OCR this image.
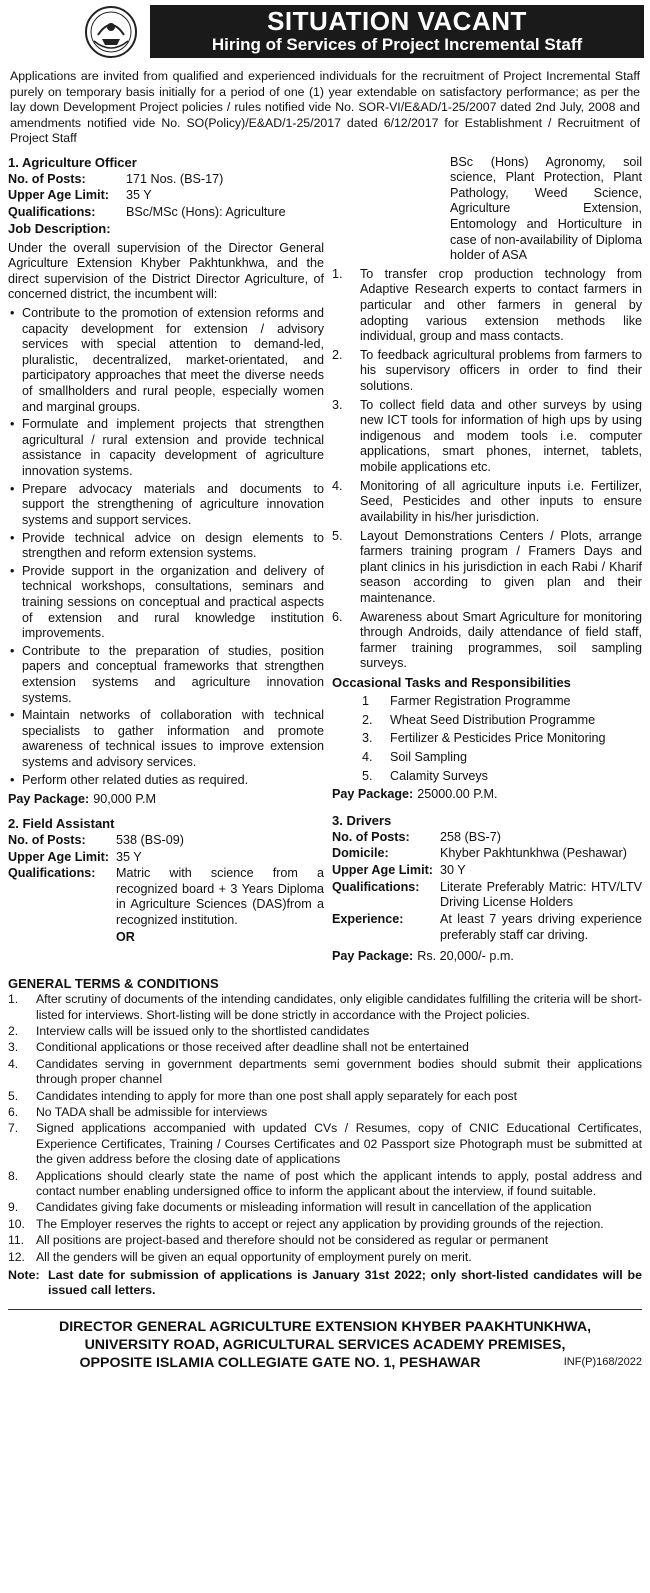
SITUATION VACANT
Hiring of Services of Project Incremental Staff
Applications are invited from qualified and experienced individuals for the recruitment of Project Incremental Staff purely on temporary basis initially for a period of one (1) year extendable on satisfactory performance; as per the lay down Development Project policies / rules notified vide No. SOR-VI/E&AD/1-25/2007 dated 2nd July, 2008 and amendments notified vide No. SO(Policy)/E&AD/1-25/2017 dated 6/12/2017 for Establishment / Recruitment of Project Staff
1. Agriculture Officer
No. of Posts:	171 Nos. (BS-17)
Upper Age Limit:	35 Y
Qualifications:	BSc/MSc (Hons): Agriculture
Job Description:
Under the overall supervision of the Director General Agriculture Extension Khyber Pakhtunkhwa, and the direct supervision of the District Director Agriculture, of concerned district, the incumbent will:
• Contribute to the promotion of extension reforms and capacity development for extension / advisory services with special attention to demand-led, pluralistic, decentralized, market-orientated, and participatory approaches that meet the diverse needs of smallholders and rural people, especially women and marginal groups.
• Formulate and implement projects that strengthen agricultural / rural extension and provide technical assistance in capacity development of agriculture innovation systems.
• Prepare advocacy materials and documents to support the strengthening of agriculture innovation systems and support services.
• Provide technical advice on design elements to strengthen and reform extension systems.
• Provide support in the organization and delivery of technical workshops, consultations, seminars and training sessions on conceptual and practical aspects of extension and rural knowledge institution improvements.
• Contribute to the preparation of studies, position papers and conceptual frameworks that strengthen extension systems and agriculture innovation systems.
• Maintain networks of collaboration with technical specialists to gather information and promote awareness of technical issues to improve extension systems and advisory services.
• Perform other related duties as required.
Pay Package: 90,000 P.M
2. Field Assistant
No. of Posts:	538 (BS-09)
Upper Age Limit: 35 Y
Qualifications:	Matric with science from a recognized board + 3 Years Diploma in Agriculture Sciences (DAS)from a recognized institution.
OR
BSc (Hons) Agronomy, soil science, Plant Protection, Plant Pathology, Weed Science, Agriculture Extension, Entomology and Horticulture in case of non-availability of Diploma holder of ASA
1.	To transfer crop production technology from Adaptive Research experts to contact farmers in particular and other farmers in general by adopting various extension methods like individual, group and mass contacts.
2.	To feedback agricultural problems from farmers to his supervisory officers in order to find their solutions.
3.	To collect field data and other surveys by using new ICT tools for information of high ups by using indigenous and modem tools i.e. computer applications, smart phones, internet, tablets, mobile applications etc.
4.	Monitoring of all agriculture inputs i.e. Fertilizer, Seed, Pesticides and other inputs to ensure availability in his/her jurisdiction.
5.	Layout Demonstrations Centers / Plots, arrange farmers training program / Framers Days and plant clinics in his jurisdiction in each Rabi / Kharif season according to given plan and their maintenance.
6.	Awareness about Smart Agriculture for monitoring through Androids, daily attendance of field staff, farmer training programmes, soil sampling surveys.
Occasional Tasks and Responsibilities
1	Farmer Registration Programme
2.	Wheat Seed Distribution Programme
3.	Fertilizer & Pesticides Price Monitoring
4.	Soil Sampling
5.	Calamity Surveys
Pay Package: 25000.00 P.M.
3. Drivers
No. of Posts:	258 (BS-7)
Domicile:	Khyber Pakhtunkhwa (Peshawar)
Upper Age Limit: 30 Y
Qualifications:	Literate Preferably Matric: HTV/LTV Driving License Holders
Experience:	At least 7 years driving experience preferably staff car driving.
Pay Package: Rs. 20,000/- p.m.
GENERAL TERMS & CONDITIONS
1.	After scrutiny of documents of the intending candidates, only eligible candidates fulfilling the criteria will be short-listed for interviews. Short-listing will be done strictly in accordance with the Project policies.
2.	Interview calls will be issued only to the shortlisted candidates
3.	Conditional applications or those received after deadline shall not be entertained
4.	Candidates serving in government departments semi government bodies should submit their applications through proper channel
5.	Candidates intending to apply for more than one post shall apply separately for each post
6.	No TADA shall be admissible for interviews
7.	Signed applications accompanied with updated CVs / Resumes, copy of CNIC Educational Certificates, Experience Certificates, Training / Courses Certificates and 02 Passport size Photograph must be submitted at the given address before the closing date of applications
8.	Applications should clearly state the name of post which the applicant intends to apply, postal address and contact number enabling undersigned office to inform the applicant about the interview, if found suitable.
9.	Candidates giving fake documents or misleading information will result in cancellation of the application
10. The Employer reserves the rights to accept or reject any application by providing grounds of the rejection.
11. All positions are project-based and therefore should not be considered as regular or permanent
12. All the genders will be given an equal opportunity of employment purely on merit.
Note: Last date for submission of applications is January 31st 2022; only short-listed candidates will be issued call letters.
DIRECTOR GENERAL AGRICULTURE EXTENSION KHYBER PAAKHTUNKHWA,
UNIVERSITY ROAD, AGRICULTURAL SERVICES ACADEMY PREMISES,
OPPOSITE ISLAMIA COLLEGIATE GATE NO. 1, PESHAWAR	INF(P)168/2022
